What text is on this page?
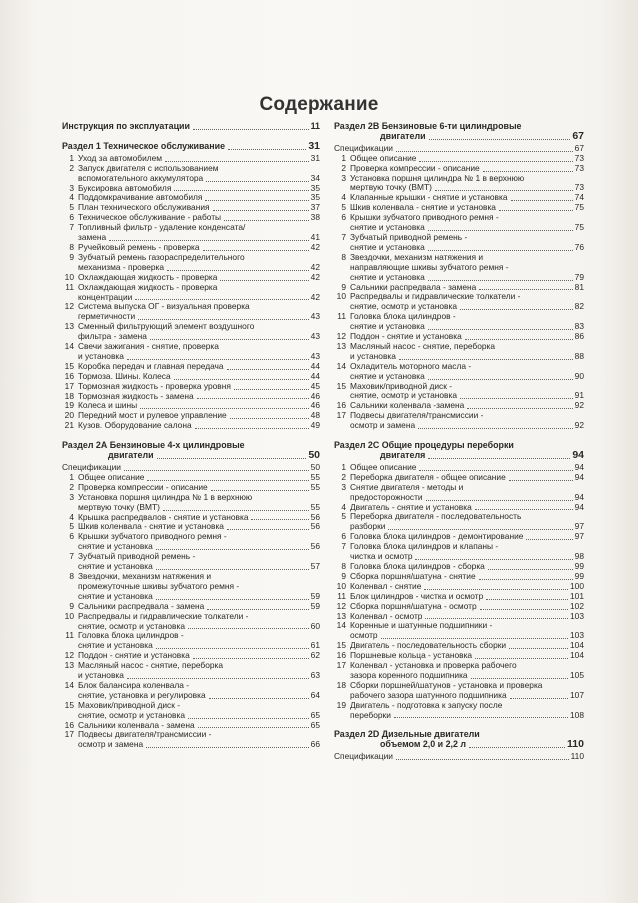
Содержание
Инструкция по эксплуатации	11
Раздел 1 Техническое обслуживание	31
1 Уход за автомобилем	31
2 Запуск двигателя с использованием
вспомогательного аккумулятора	34
3 Буксировка автомобиля	35
4 Поддомкрачивание автомобиля	35
5 План технического обслуживания	37
6 Техническое обслуживание - работы	38
7 Топливный фильтр - удаление конденсата/
замена	41
8 Ручейковый ремень - проверка	42
9 Зубчатый ремень газораспределительного
механизма - проверка	42
10 Охлаждающая жидкость - проверка	42
11 Охлаждающая жидкость - проверка
концентрации	42
12 Система выпуска ОГ - визуальная проверка
герметичности	43
13 Сменный фильтрующий элемент воздушного
фильтра - замена	43
14 Свечи зажигания - снятие, проверка
и установка	43
15 Коробка передач и главная передача	44
16 Тормоза. Шины. Колеса	44
17 Тормозная жидкость - проверка уровня	45
18 Тормозная жидкость - замена	46
19 Колеса и шины	46
20 Передний мост и рулевое управление	48
21 Кузов. Оборудование салона	49
Раздел 2А Бензиновые 4-х цилиндровые
двигатели	50
Спецификации	50
1 Общее описание	55
2 Проверка компрессии - описание	55
3 Установка поршня цилиндра № 1 в верхнюю
мертвую точку (ВМТ)	55
4 Крышка распредвалов - снятие и установка	56
5 Шкив коленвала - снятие и установка	56
6 Крышки зубчатого приводного ремня -
снятие и установка	56
7 Зубчатый приводной ремень -
снятие и установка	57
8 Звездочки, механизм натяжения и
промежуточные шкивы зубчатого ремня -
снятие и установка	59
9 Сальники распредвала - замена	59
10 Распредвалы и гидравлические толкатели -
снятие, осмотр и установка	60
11 Головка блока цилиндров -
снятие и установка	61
12 Поддон - снятие и установка	62
13 Масляный насос - снятие, переборка
и установка	63
14 Блок балансира коленвала -
снятие, установка и регулировка	64
15 Маховик/приводной диск -
снятие, осмотр и установка	65
16 Сальники коленвала - замена	65
17 Подвесы двигателя/трансмиссии -
осмотр и замена	66
Раздел 2В Бензиновые 6-ти цилиндровые
двигатели	67
Спецификации	67
1 Общее описание	73
2 Проверка компрессии - описание	73
3 Установка поршня цилиндра № 1 в верхнюю
мертвую точку (ВМТ)	73
4 Клапанные крышки - снятие и установка	74
5 Шкив коленвала - снятие и установка	75
6 Крышки зубчатого приводного ремня -
снятие и установка	75
7 Зубчатый приводной ремень -
снятие и установка	76
8 Звездочки, механизм натяжения и
направляющие шкивы зубчатого ремня -
снятие и установка	79
9 Сальники распредвала - замена	81
10 Распредвалы и гидравлические толкатели -
снятие, осмотр и установка	82
11 Головка блока цилиндров -
снятие и установка	83
12 Поддон - снятие и установка	86
13 Масляный насос - снятие, переборка
и установка	88
14 Охладитель моторного масла -
снятие и установка	90
15 Маховик/приводной диск -
снятие, осмотр и установка	91
16 Сальники коленвала -замена	92
17 Подвесы двигателя/трансмиссии -
осмотр и замена	92
Раздел 2С Общие процедуры переборки
двигателя	94
1 Общее описание	94
2 Переборка двигателя - общее описание	94
3 Снятие двигателя - методы и
предосторожности	94
4 Двигатель - снятие и установка	94
5 Переборка двигателя - последовательность
разборки	97
6 Головка блока цилиндров - демонтирование	97
7 Головка блока цилиндров и клапаны -
чистка и осмотр	98
8 Головка блока цилиндров - сборка	99
9 Сборка поршня/шатуна - снятие	99
10 Коленвал - снятие	100
11 Блок цилиндров - чистка и осмотр	101
12 Сборка поршня/шатуна - осмотр	102
13 Коленвал - осмотр	103
14 Коренные и шатунные подшипники -
осмотр	103
15 Двигатель - последовательность сборки	104
16 Поршневые кольца - установка	104
17 Коленвал - установка и проверка рабочего
зазора коренного подшипника	105
18 Сборки поршней/шатунов - установка и проверка
рабочего зазора шатунного подшипника	107
19 Двигатель - подготовка к запуску после
переборки	108
Раздел 2D Дизельные двигатели
объемом 2,0 и 2,2 л	110
Спецификации	110
